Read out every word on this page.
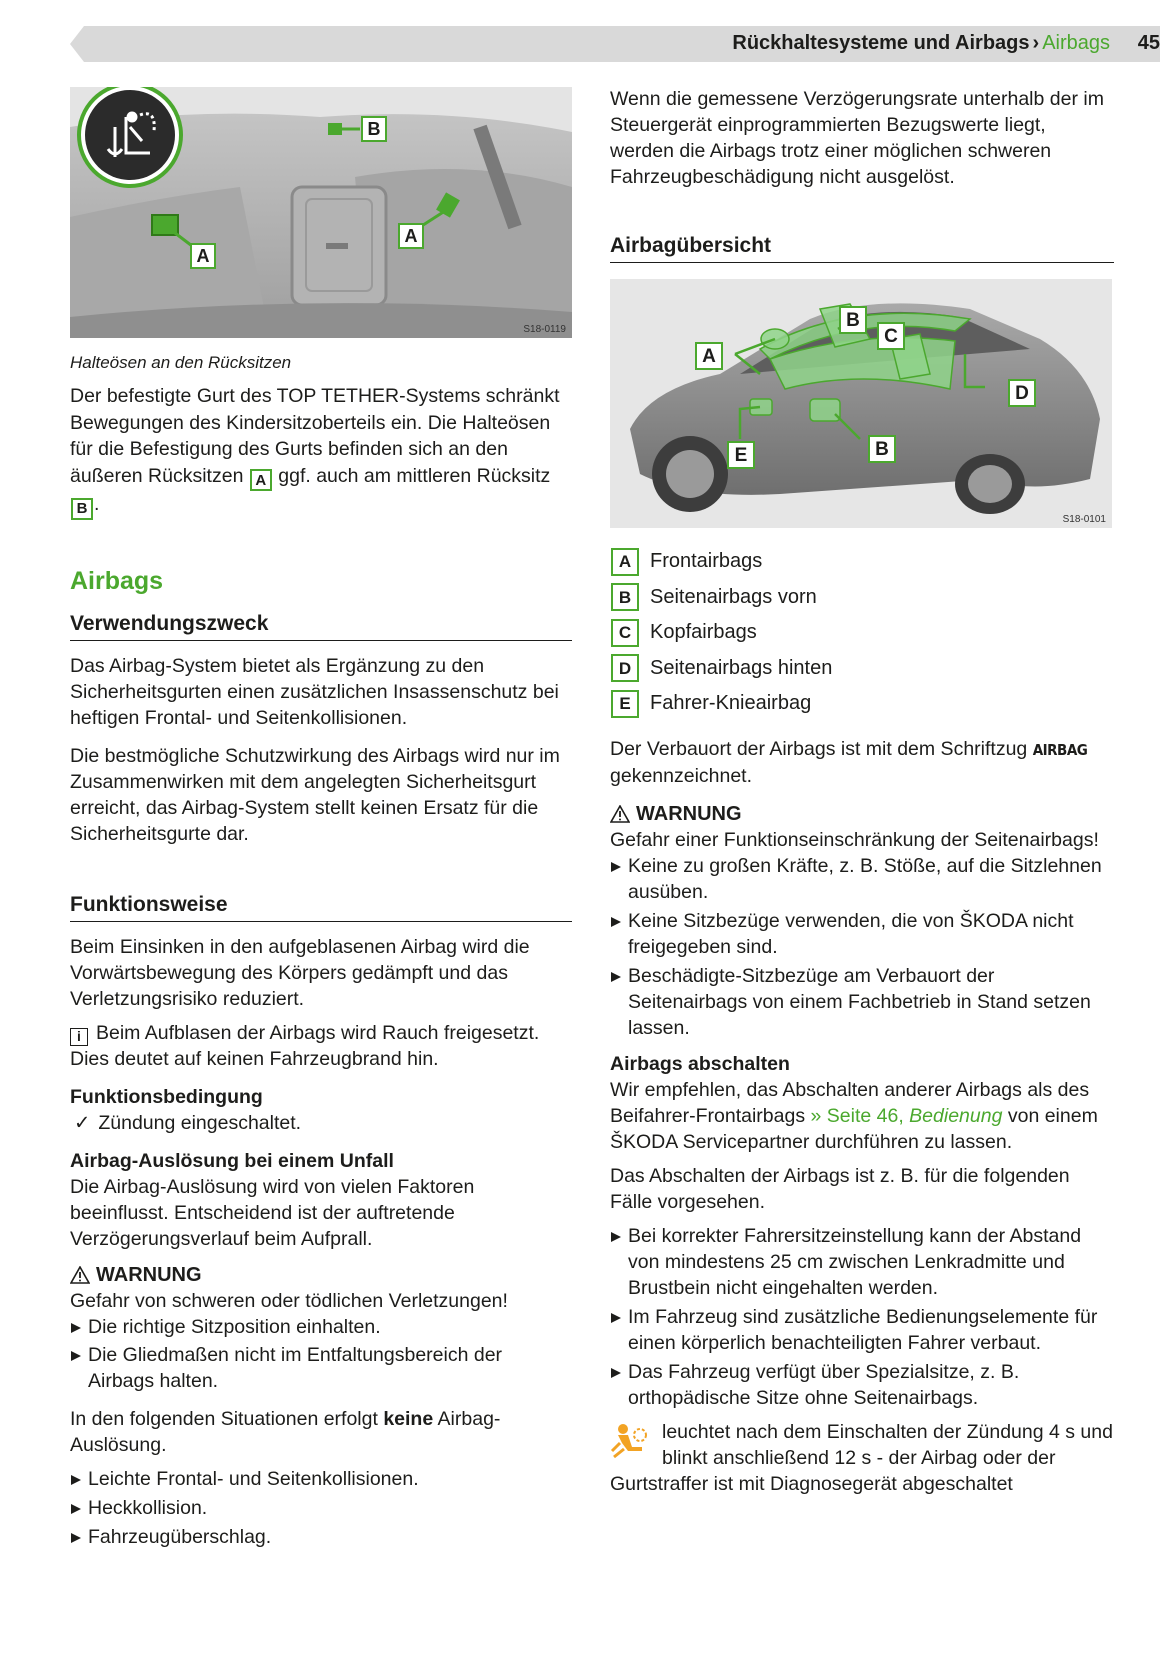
Rückhaltesysteme und Airbags › Airbags	45
B
A
A
S18-0119
Halteösen an den Rücksitzen

Der befestigte Gurt des TOP TETHER-Systems schränkt Bewegungen des Kindersitzoberteils ein. Die Halteösen für die Befestigung des Gurts befinden sich an den äußeren Rücksitzen A ggf. auch am mittleren Rücksitz B .

Airbags
Verwendungszweck

Das Airbag-System bietet als Ergänzung zu den Sicherheitsgurten einen zusätzlichen Insassenschutz bei heftigen Frontal- und Seitenkollisionen.

Die bestmögliche Schutzwirkung des Airbags wird nur im Zusammenwirken mit dem angelegten Sicherheitsgurt erreicht, das Airbag-System stellt keinen Ersatz für die Sicherheitsgurte dar.

Funktionsweise

Beim Einsinken in den aufgeblasenen Airbag wird die Vorwärtsbewegung des Körpers gedämpft und das Verletzungsrisiko reduziert.

i Beim Aufblasen der Airbags wird Rauch freigesetzt. Dies deutet auf keinen Fahrzeugbrand hin.

Funktionsbedingung

✓ Zündung eingeschaltet.

Airbag-Auslösung bei einem Unfall

Die Airbag-Auslösung wird von vielen Faktoren beeinflusst. Entscheidend ist der auftretende Verzögerungsverlauf beim Aufprall.

WARNUNG

Gefahr von schweren oder tödlichen Verletzungen!

Die richtige Sitzposition einhalten.
Die Gliedmaßen nicht im Entfaltungsbereich der Airbags halten.

In den folgenden Situationen erfolgt keine Airbag-Auslösung.

Leichte Frontal- und Seitenkollisionen.
Heckkollision.
Fahrzeugüberschlag.

Wenn die gemessene Verzögerungsrate unterhalb der im Steuergerät einprogrammierten Bezugswerte liegt, werden die Airbags trotz einer möglichen schweren Fahrzeugbeschädigung nicht ausgelöst.

Airbagübersicht
A
B
C
D
E	B
S18-0101
A Frontairbags
B Seitenairbags vorn
C Kopfairbags
D Seitenairbags hinten
E Fahrer-Knieairbag

Der Verbauort der Airbags ist mit dem Schriftzug AIRBAG gekennzeichnet.

WARNUNG

Gefahr einer Funktionseinschränkung der Seitenairbags!

Keine zu großen Kräfte, z. B. Stöße, auf die Sitzlehnen ausüben.
Keine Sitzbezüge verwenden, die von ŠKODA nicht freigegeben sind.
Beschädigte-Sitzbezüge am Verbauort der Seitenairbags von einem Fachbetrieb in Stand setzen lassen.
Airbags abschalten

Wir empfehlen, das Abschalten anderer Airbags als des Beifahrer-Frontairbags » Seite 46, Bedienung von einem ŠKODA Servicepartner durchführen zu lassen.

Das Abschalten der Airbags ist z. B. für die folgenden Fälle vorgesehen.

Bei korrekter Fahrersitzeinstellung kann der Abstand von mindestens 25 cm zwischen Lenkradmitte und Brustbein nicht eingehalten werden.
Im Fahrzeug sind zusätzliche Bedienungselemente für einen körperlich benachteiligten Fahrer verbaut.
Das Fahrzeug verfügt über Spezialsitze, z. B. orthopädische Sitze ohne Seitenairbags.

leuchtet nach dem Einschalten der Zündung 4 s und blinkt anschließend 12 s - der Airbag oder der Gurtstraffer ist mit Diagnosegerät abgeschaltet
